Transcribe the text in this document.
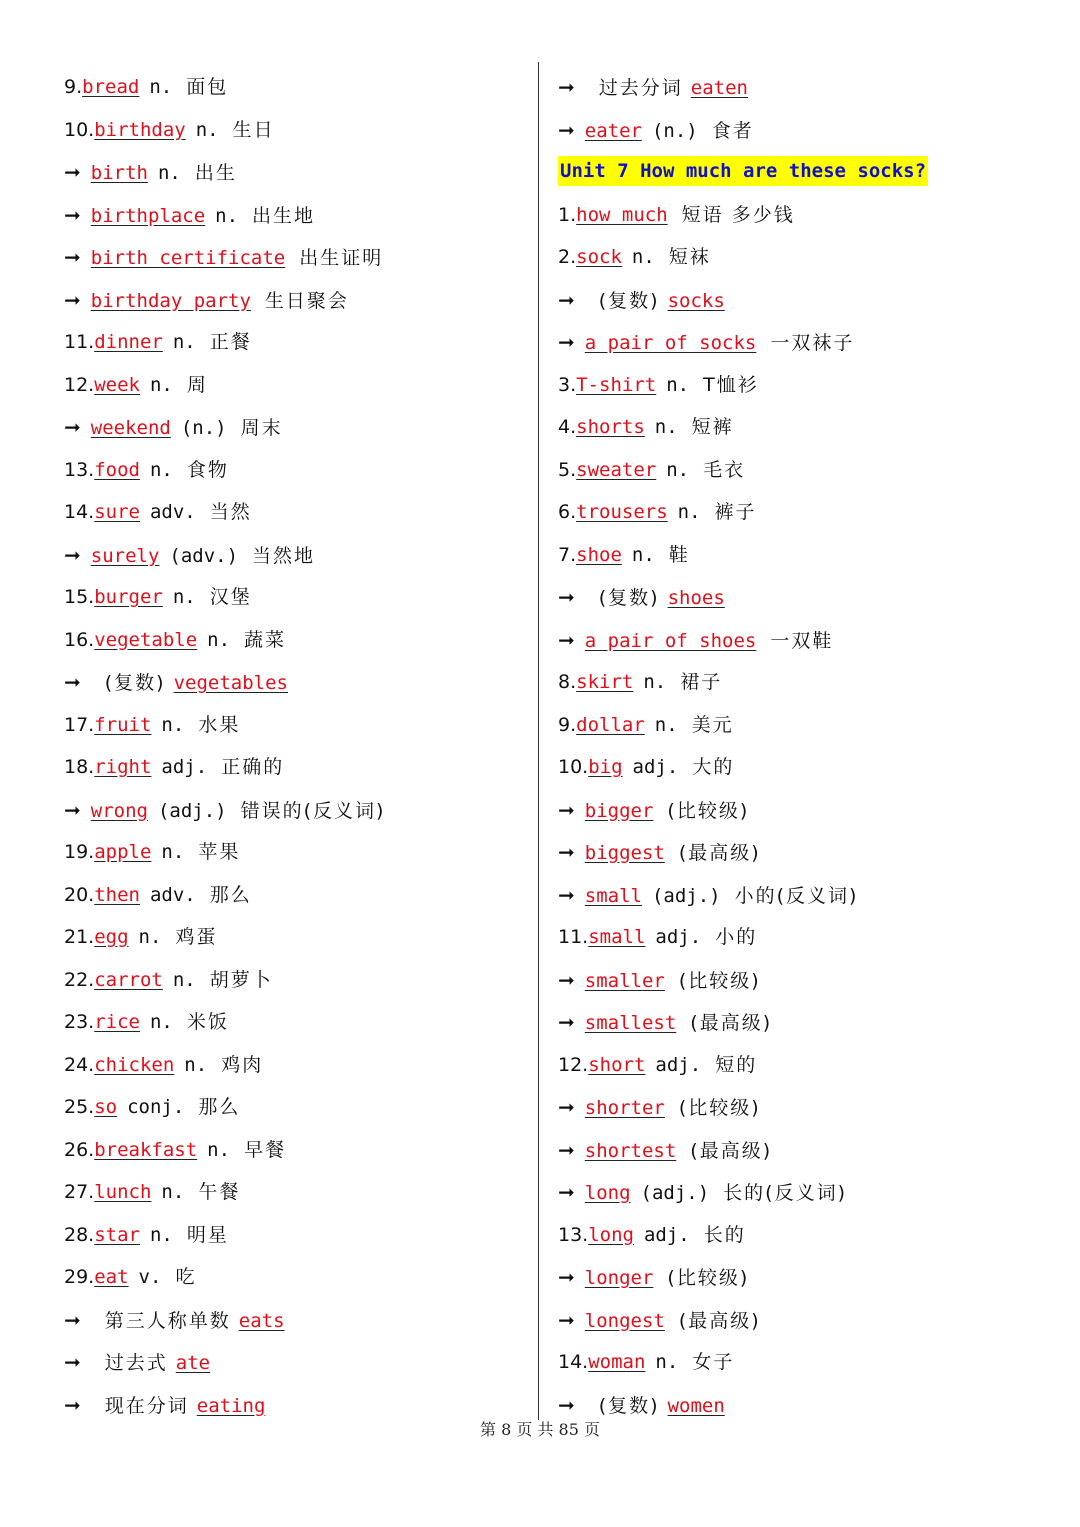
9.bread n. 面包
10.birthday n. 生日
➞ birth n. 出生
➞ birthplace n. 出生地
➞ birth certificate 出生证明
➞ birthday party 生日聚会
11.dinner n. 正餐
12.week n. 周
➞ weekend (n.) 周末
13.food n. 食物
14.sure adv. 当然
➞ surely (adv.) 当然地
15.burger n. 汉堡
16.vegetable n. 蔬菜
➞ (复数) vegetables
17.fruit n. 水果
18.right adj. 正确的
➞ wrong (adj.) 错误的(反义词)
19.apple n. 苹果
20.then adv. 那么
21.egg n. 鸡蛋
22.carrot n. 胡萝卜
23.rice n. 米饭
24.chicken n. 鸡肉
25.so conj. 那么
26.breakfast n. 早餐
27.lunch n. 午餐
28.star n. 明星
29.eat v. 吃
➞ 第三人称单数 eats
➞ 过去式 ate
➞ 现在分词 eating
➞ 过去分词 eaten
➞ eater (n.) 食者
Unit 7 How much are these socks?
1.how much 短语 多少钱
2.sock n. 短袜
➞ (复数) socks
➞ a pair of socks 一双袜子
3.T-shirt n. T恤衫
4.shorts n. 短裤
5.sweater n. 毛衣
6.trousers n. 裤子
7.shoe n. 鞋
➞ (复数) shoes
➞ a pair of shoes 一双鞋
8.skirt n. 裙子
9.dollar n. 美元
10.big adj. 大的
➞ bigger (比较级)
➞ biggest (最高级)
➞ small (adj.) 小的(反义词)
11.small adj. 小的
➞ smaller (比较级)
➞ smallest (最高级)
12.short adj. 短的
➞ shorter (比较级)
➞ shortest (最高级)
➞ long (adj.) 长的(反义词)
13.long adj. 长的
➞ longer (比较级)
➞ longest (最高级)
14.woman n. 女子
➞ (复数) women
第 8 页 共 85 页
